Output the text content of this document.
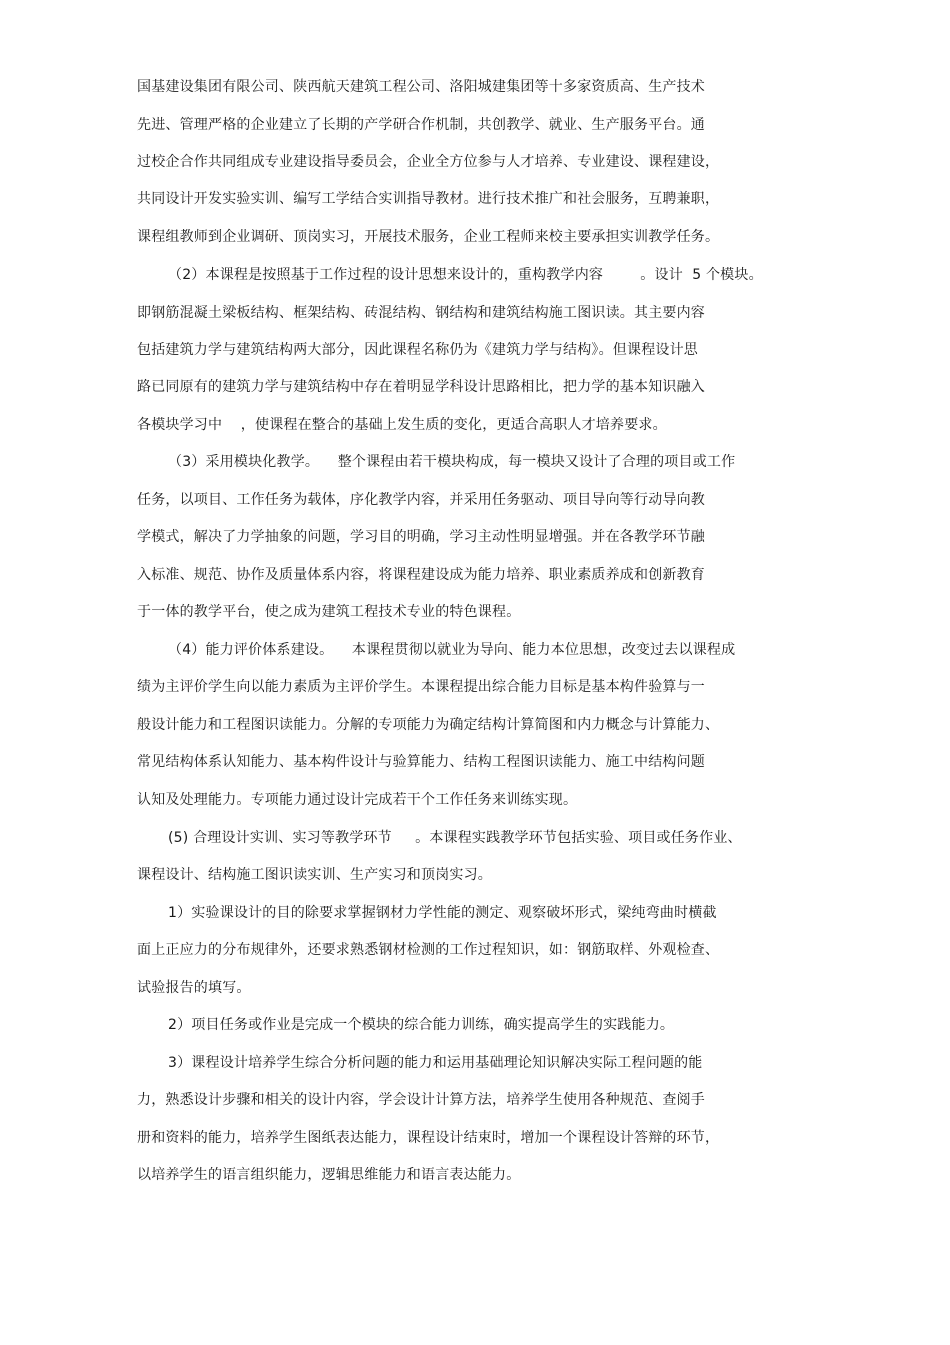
国基建设集团有限公司、陕西航天建筑工程公司、洛阳城建集团等十多家资质高、生产技术
先进、管理严格的企业建立了长期的产学研合作机制，共创教学、就业、生产服务平台。通
过校企合作共同组成专业建设指导委员会，企业全方位参与人才培养、专业建设、课程建设，
共同设计开发实验实训、编写工学结合实训指导教材。进行技术推广和社会服务，互聘兼职，
课程组教师到企业调研、顶岗实习，开展技术服务，企业工程师来校主要承担实训教学任务。
（2）本课程是按照基于工作过程的设计思想来设计的，重构教学内容        。设计  5 个模块。
即钢筋混凝土梁板结构、框架结构、砖混结构、钢结构和建筑结构施工图识读。其主要内容
包括建筑力学与建筑结构两大部分，因此课程名称仍为《建筑力学与结构》。但课程设计思
路已同原有的建筑力学与建筑结构中存在着明显学科设计思路相比，把力学的基本知识融入
各模块学习中    ，使课程在整合的基础上发生质的变化，更适合高职人才培养要求。
（3）采用模块化教学。    整个课程由若干模块构成，每一模块又设计了合理的项目或工作
任务，以项目、工作任务为载体，序化教学内容，并采用任务驱动、项目导向等行动导向教
学模式，解决了力学抽象的问题，学习目的明确，学习主动性明显增强。并在各教学环节融
入标准、规范、协作及质量体系内容，将课程建设成为能力培养、职业素质养成和创新教育
于一体的教学平台，使之成为建筑工程技术专业的特色课程。
（4）能力评价体系建设。    本课程贯彻以就业为导向、能力本位思想，改变过去以课程成
绩为主评价学生向以能力素质为主评价学生。本课程提出综合能力目标是基本构件验算与一
般设计能力和工程图识读能力。分解的专项能力为确定结构计算简图和内力概念与计算能力、
常见结构体系认知能力、基本构件设计与验算能力、结构工程图识读能力、施工中结构问题
认知及处理能力。专项能力通过设计完成若干个工作任务来训练实现。
(5) 合理设计实训、实习等教学环节     。本课程实践教学环节包括实验、项目或任务作业、
课程设计、结构施工图识读实训、生产实习和顶岗实习。
1）实验课设计的目的除要求掌握钢材力学性能的测定、观察破坏形式，梁纯弯曲时横截
面上正应力的分布规律外，还要求熟悉钢材检测的工作过程知识，如：钢筋取样、外观检查、
试验报告的填写。
2）项目任务或作业是完成一个模块的综合能力训练，确实提高学生的实践能力。
3）课程设计培养学生综合分析问题的能力和运用基础理论知识解决实际工程问题的能
力，熟悉设计步骤和相关的设计内容，学会设计计算方法，培养学生使用各种规范、查阅手
册和资料的能力，培养学生图纸表达能力，课程设计结束时，增加一个课程设计答辩的环节，
以培养学生的语言组织能力，逻辑思维能力和语言表达能力。
